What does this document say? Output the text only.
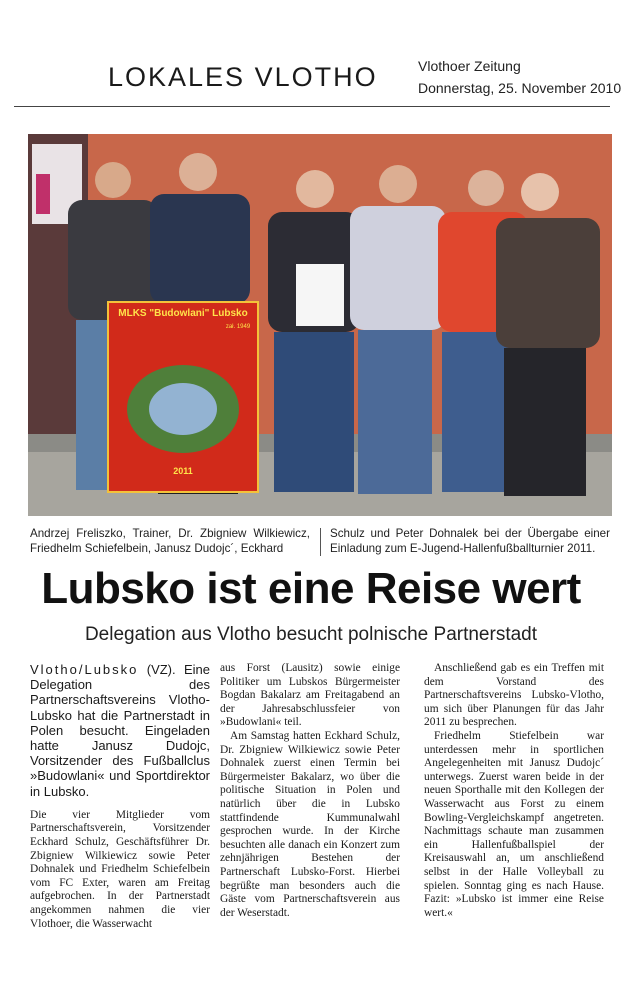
LOKALES VLOTHO	Vlothoer Zeitung
Donnerstag, 25. November 2010
MLKS "Budowlani" Lubsko
zał. 1949
2011
Andrzej Freliszko, Trainer, Dr. Zbigniew Wilkiewicz, Friedhelm Schiefelbein, Janusz Dudojc´, Eckhard
Schulz und Peter Dohnalek bei der Übergabe einer Einladung zum E-Jugend-Hallenfußballturnier 2011.
Lubsko ist eine Reise wert
Delegation aus Vlotho besucht polnische Partnerstadt
Vlotho/Lubsko (VZ). Eine Delegation des Partnerschaftsvereins Vlotho-Lubsko hat die Partnerstadt in Polen besucht. Eingeladen hatte Janusz Dudojc, Vorsitzender des Fußballclus »Budowlani« und Sportdirektor in Lubsko.

Die vier Mitglieder vom Partnerschaftsverein, Vorsitzender Eckhard Schulz, Geschäftsführer Dr. Zbigniew Wilkiewicz sowie Peter Dohnalek und Friedhelm Schiefelbein vom FC Exter, waren am Freitag aufgebrochen. In der Partnerstadt angekommen nahmen die vier Vlothoer, die Wasserwacht

aus Forst (Lausitz) sowie einige Politiker um Lubskos Bürgermeister Bogdan Bakalarz am Freitagabend an der Jahresabschlussfeier von »Budowlani« teil.

Am Samstag hatten Eckhard Schulz, Dr. Zbigniew Wilkiewicz sowie Peter Dohnalek zuerst einen Termin bei Bürgermeister Bakalarz, wo über die politische Situation in Polen und natürlich über die in Lubsko stattfindende Kummunalwahl gesprochen wurde. In der Kirche besuchten alle danach ein Konzert zum zehnjährigen Bestehen der Partnerschaft Lubsko-Forst. Hierbei begrüßte man besonders auch die Gäste vom Partnerschaftsverein aus der Weserstadt.

Anschließend gab es ein Treffen mit dem Vorstand des Partnerschaftsvereins Lubsko-Vlotho, um sich über Planungen für das Jahr 2011 zu besprechen.

Friedhelm Stiefelbein war unterdessen mehr in sportlichen Angelegenheiten mit Janusz Dudojc´ unterwegs. Zuerst waren beide in der neuen Sporthalle mit den Kollegen der Wasserwacht aus Forst zu einem Bowling-Vergleichskampf angetreten. Nachmittags schaute man zusammen ein Hallenfußballspiel der Kreisauswahl an, um anschließend selbst in der Halle Volleyball zu spielen. Sonntag ging es nach Hause. Fazit: »Lubsko ist immer eine Reise wert.«
